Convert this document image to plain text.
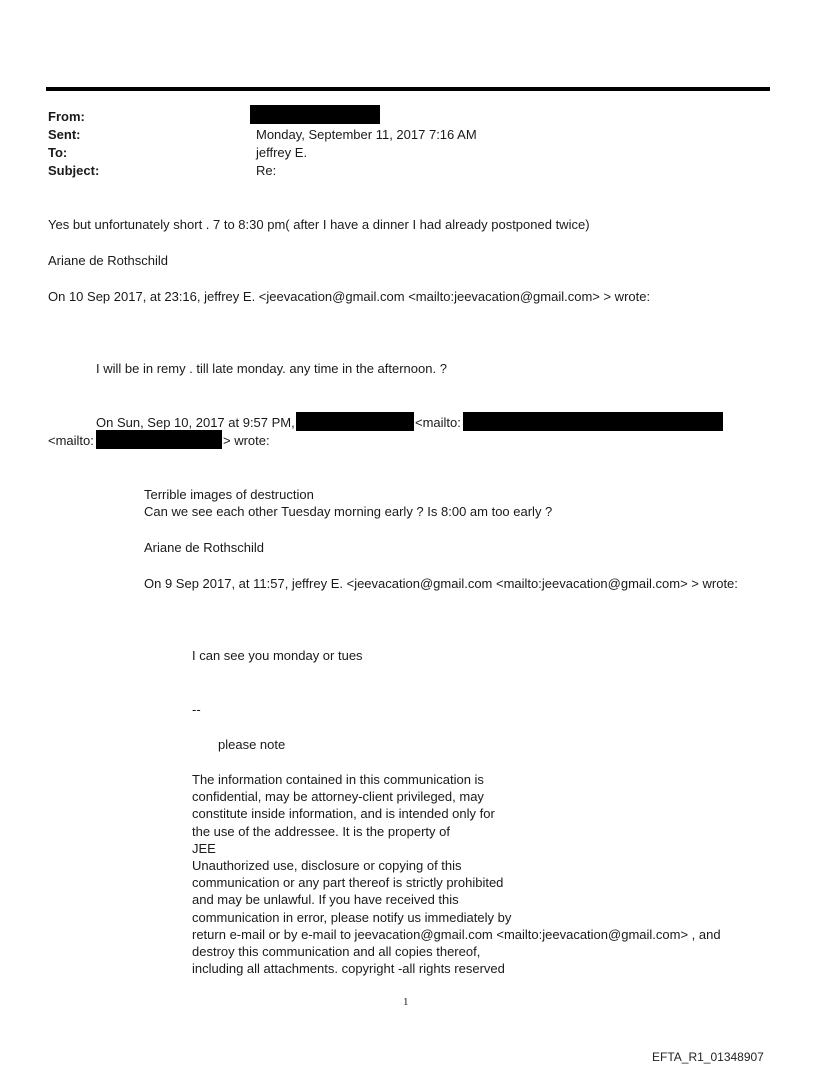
From:
Sent:	Monday, September 11, 2017 7:16 AM
To:	jeffrey E.
Subject:	Re:
Yes but unfortunately short . 7 to 8:30 pm( after I have a dinner I had already postponed twice)
Ariane de Rothschild
On 10 Sep 2017, at 23:16, jeffrey E. <jeevacation@gmail.com <mailto:jeevacation@gmail.com> > wrote:
I will be in remy . till late monday. any time in the afternoon. ?
On Sun, Sep 10, 2017 at 9:57 PM,	<mailto:
<mailto:	> wrote:
Terrible images of destruction
Can we see each other Tuesday morning early ? Is 8:00 am too early ?
Ariane de Rothschild
On 9 Sep 2017, at 11:57, jeffrey E. <jeevacation@gmail.com <mailto:jeevacation@gmail.com> > wrote:
I can see you monday or tues
--
please note
The information contained in this communication is
confidential, may be attorney-client privileged, may
constitute inside information, and is intended only for
the use of the addressee. It is the property of
JEE
Unauthorized use, disclosure or copying of this
communication or any part thereof is strictly prohibited
and may be unlawful. If you have received this
communication in error, please notify us immediately by
return e-mail or by e-mail to jeevacation@gmail.com <mailto:jeevacation@gmail.com> , and
destroy this communication and all copies thereof,
including all attachments. copyright -all rights reserved
1
EFTA_R1_01348907
